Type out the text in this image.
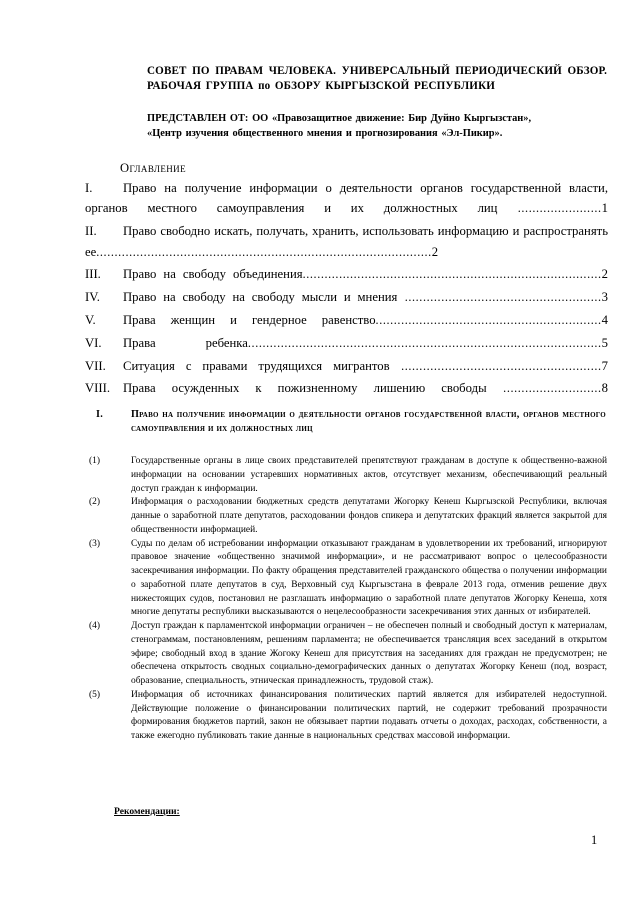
СОВЕТ ПО ПРАВАМ ЧЕЛОВЕКА. УНИВЕРСАЛЬНЫЙ ПЕРИОДИЧЕСКИЙ ОБЗОР. РАБОЧАЯ ГРУППА по ОБЗОРУ КЫРГЫЗСКОЙ РЕСПУБЛИКИ

ПРЕДСТАВЛЕН ОТ: ОО «Правозащитное движение: Бир Дуйно Кыргызстан»,

«Центр изучения общественного мнения и прогнозирования «Эл-Пикир».

Оглавление
I. Право на получение информации о деятельности органов государственной власти, органов местного самоуправления и их должностных лиц .......................1
II. Право свободно искать, получать, хранить, использовать информацию и распространять ее............................................................................................2
III. Право на свободу объединения..................................................................................2
IV. Право на свободу на свободу мысли и мнения ......................................................3
V. Права женщин и гендерное равенство..............................................................4
VI. Права ребенка.................................................................................................5
VII. Ситуация с правами трудящихся мигрантов .......................................................7
VIII. Права осужденных к пожизненному лишению свободы ...........................8
I.	Право на получение информации о деятельности органов государственной власти, органов местного самоуправления и их должностных лиц
(1)	Государственные органы в лице своих представителей препятствуют гражданам в доступе к общественно-важной информации на основании устаревших нормативных актов, отсутствует механизм, обеспечивающий реальный доступ граждан к информации.
(2)	Информация о расходовании бюджетных средств депутатами Жогорку Кенеш Кыргызской Республики, включая данные о заработной плате депутатов, расходовании фондов спикера и депутатских фракций является закрытой для общественности информацией.
(3)	Суды по делам об истребовании информации отказывают гражданам в удовлетворении их требований, игнорируют правовое значение «общественно значимой информации», и не рассматривают вопрос о целесообразности засекречивания информации. По факту обращения представителей гражданского общества о получении информации о заработной плате депутатов в суд, Верховный суд Кыргызстана в феврале 2013 года, отменив решение двух нижестоящих судов, постановил не разглашать информацию о заработной плате депутатов Жогорку Кенеша, хотя многие депутаты республики высказываются о нецелесообразности засекречивания этих данных от избирателей.
(4)	Доступ граждан к парламентской информации ограничен – не обеспечен полный и свободный доступ к материалам, стенограммам, постановлениям, решениям парламента; не обеспечивается трансляция всех заседаний в открытом эфире; свободный вход в здание Жогоку Кенеш для присутствия на заседаниях для граждан не предусмотрен; не обеспечена открытость сводных социально-демографических данных о депутатах Жогорку Кенеш (под, возраст, образование, специальность, этническая принадлежность, трудовой стаж).
(5)	Информация об источниках финансирования политических партий является для избирателей недоступной. Действующие положение о финансировании политических партий, не содержит требований прозрачности формирования бюджетов партий, закон не обязывает партии подавать отчеты о доходах, расходах, собственности, а также ежегодно публиковать такие данные в национальных средствах массовой информации.
Рекомендации:
1
